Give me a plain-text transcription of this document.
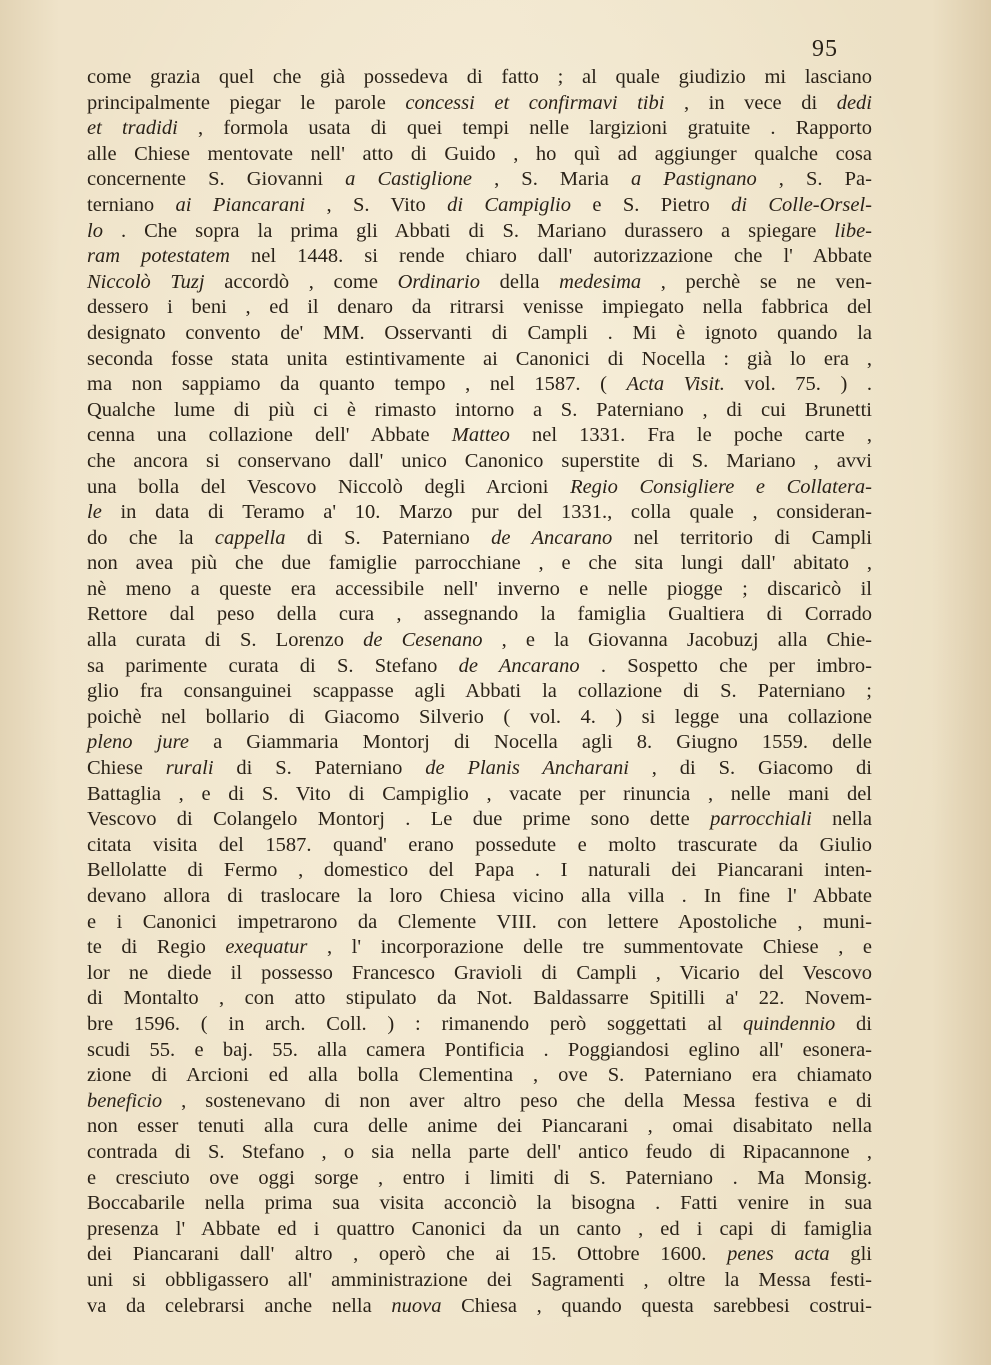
95
come grazia quel che già possedeva di fatto ; al quale giudizio mi lasciano
principalmente piegar le parole concessi et confirmavi tibi , in vece di dedi
et tradidi , formola usata di quei tempi nelle largizioni gratuite . Rapporto
alle Chiese mentovate nell' atto di Guido , ho quì ad aggiunger qualche cosa
concernente S. Giovanni a Castiglione , S. Maria a Pastignano , S. Pa-
terniano ai Piancarani , S. Vito di Campiglio e S. Pietro di Colle-Orsel-
lo . Che sopra la prima gli Abbati di S. Mariano durassero a spiegare libe-
ram potestatem nel 1448. si rende chiaro dall' autorizzazione che l' Abbate
Niccolò Tuzj accordò , come Ordinario della medesima , perchè se ne ven-
dessero i beni , ed il denaro da ritrarsi venisse impiegato nella fabbrica del
designato convento de' MM. Osservanti di Campli . Mi è ignoto quando la
seconda fosse stata unita estintivamente ai Canonici di Nocella : già lo era ,
ma non sappiamo da quanto tempo , nel 1587. ( Acta Visit. vol. 75. ) .
Qualche lume di più ci è rimasto intorno a S. Paterniano , di cui Brunetti
cenna una collazione dell' Abbate Matteo nel 1331. Fra le poche carte ,
che ancora si conservano dall' unico Canonico superstite di S. Mariano , avvi
una bolla del Vescovo Niccolò degli Arcioni Regio Consigliere e Collatera-
le in data di Teramo a' 10. Marzo pur del 1331., colla quale , consideran-
do che la cappella di S. Paterniano de Ancarano nel territorio di Campli
non avea più che due famiglie parrocchiane , e che sita lungi dall' abitato ,
nè meno a queste era accessibile nell' inverno e nelle piogge ; discaricò il
Rettore dal peso della cura , assegnando la famiglia Gualtiera di Corrado
alla curata di S. Lorenzo de Cesenano , e la Giovanna Jacobuzj alla Chie-
sa parimente curata di S. Stefano de Ancarano . Sospetto che per imbro-
glio fra consanguinei scappasse agli Abbati la collazione di S. Paterniano ;
poichè nel bollario di Giacomo Silverio ( vol. 4. ) si legge una collazione
pleno jure a Giammaria Montorj di Nocella agli 8. Giugno 1559. delle
Chiese rurali di S. Paterniano de Planis Ancharani , di S. Giacomo di
Battaglia , e di S. Vito di Campiglio , vacate per rinuncia , nelle mani del
Vescovo di Colangelo Montorj . Le due prime sono dette parrocchiali nella
citata visita del 1587. quand' erano possedute e molto trascurate da Giulio
Bellolatte di Fermo , domestico del Papa . I naturali dei Piancarani inten-
devano allora di traslocare la loro Chiesa vicino alla villa . In fine l' Abbate
e i Canonici impetrarono da Clemente VIII. con lettere Apostoliche , muni-
te di Regio exequatur , l' incorporazione delle tre summentovate Chiese , e
lor ne diede il possesso Francesco Gravioli di Campli , Vicario del Vescovo
di Montalto , con atto stipulato da Not. Baldassarre Spitilli a' 22. Novem-
bre 1596. ( in arch. Coll. ) : rimanendo però soggettati al quindennio di
scudi 55. e baj. 55. alla camera Pontificia . Poggiandosi eglino all' esonera-
zione di Arcioni ed alla bolla Clementina , ove S. Paterniano era chiamato
beneficio , sostenevano di non aver altro peso che della Messa festiva e di
non esser tenuti alla cura delle anime dei Piancarani , omai disabitato nella
contrada di S. Stefano , o sia nella parte dell' antico feudo di Ripacannone ,
e cresciuto ove oggi sorge , entro i limiti di S. Paterniano . Ma Monsig.
Boccabarile nella prima sua visita acconciò la bisogna . Fatti venire in sua
presenza l' Abbate ed i quattro Canonici da un canto , ed i capi di famiglia
dei Piancarani dall' altro , operò che ai 15. Ottobre 1600. penes acta gli
uni si obbligassero all' amministrazione dei Sagramenti , oltre la Messa festi-
va da celebrarsi anche nella nuova Chiesa , quando questa sarebbesi costrui-
